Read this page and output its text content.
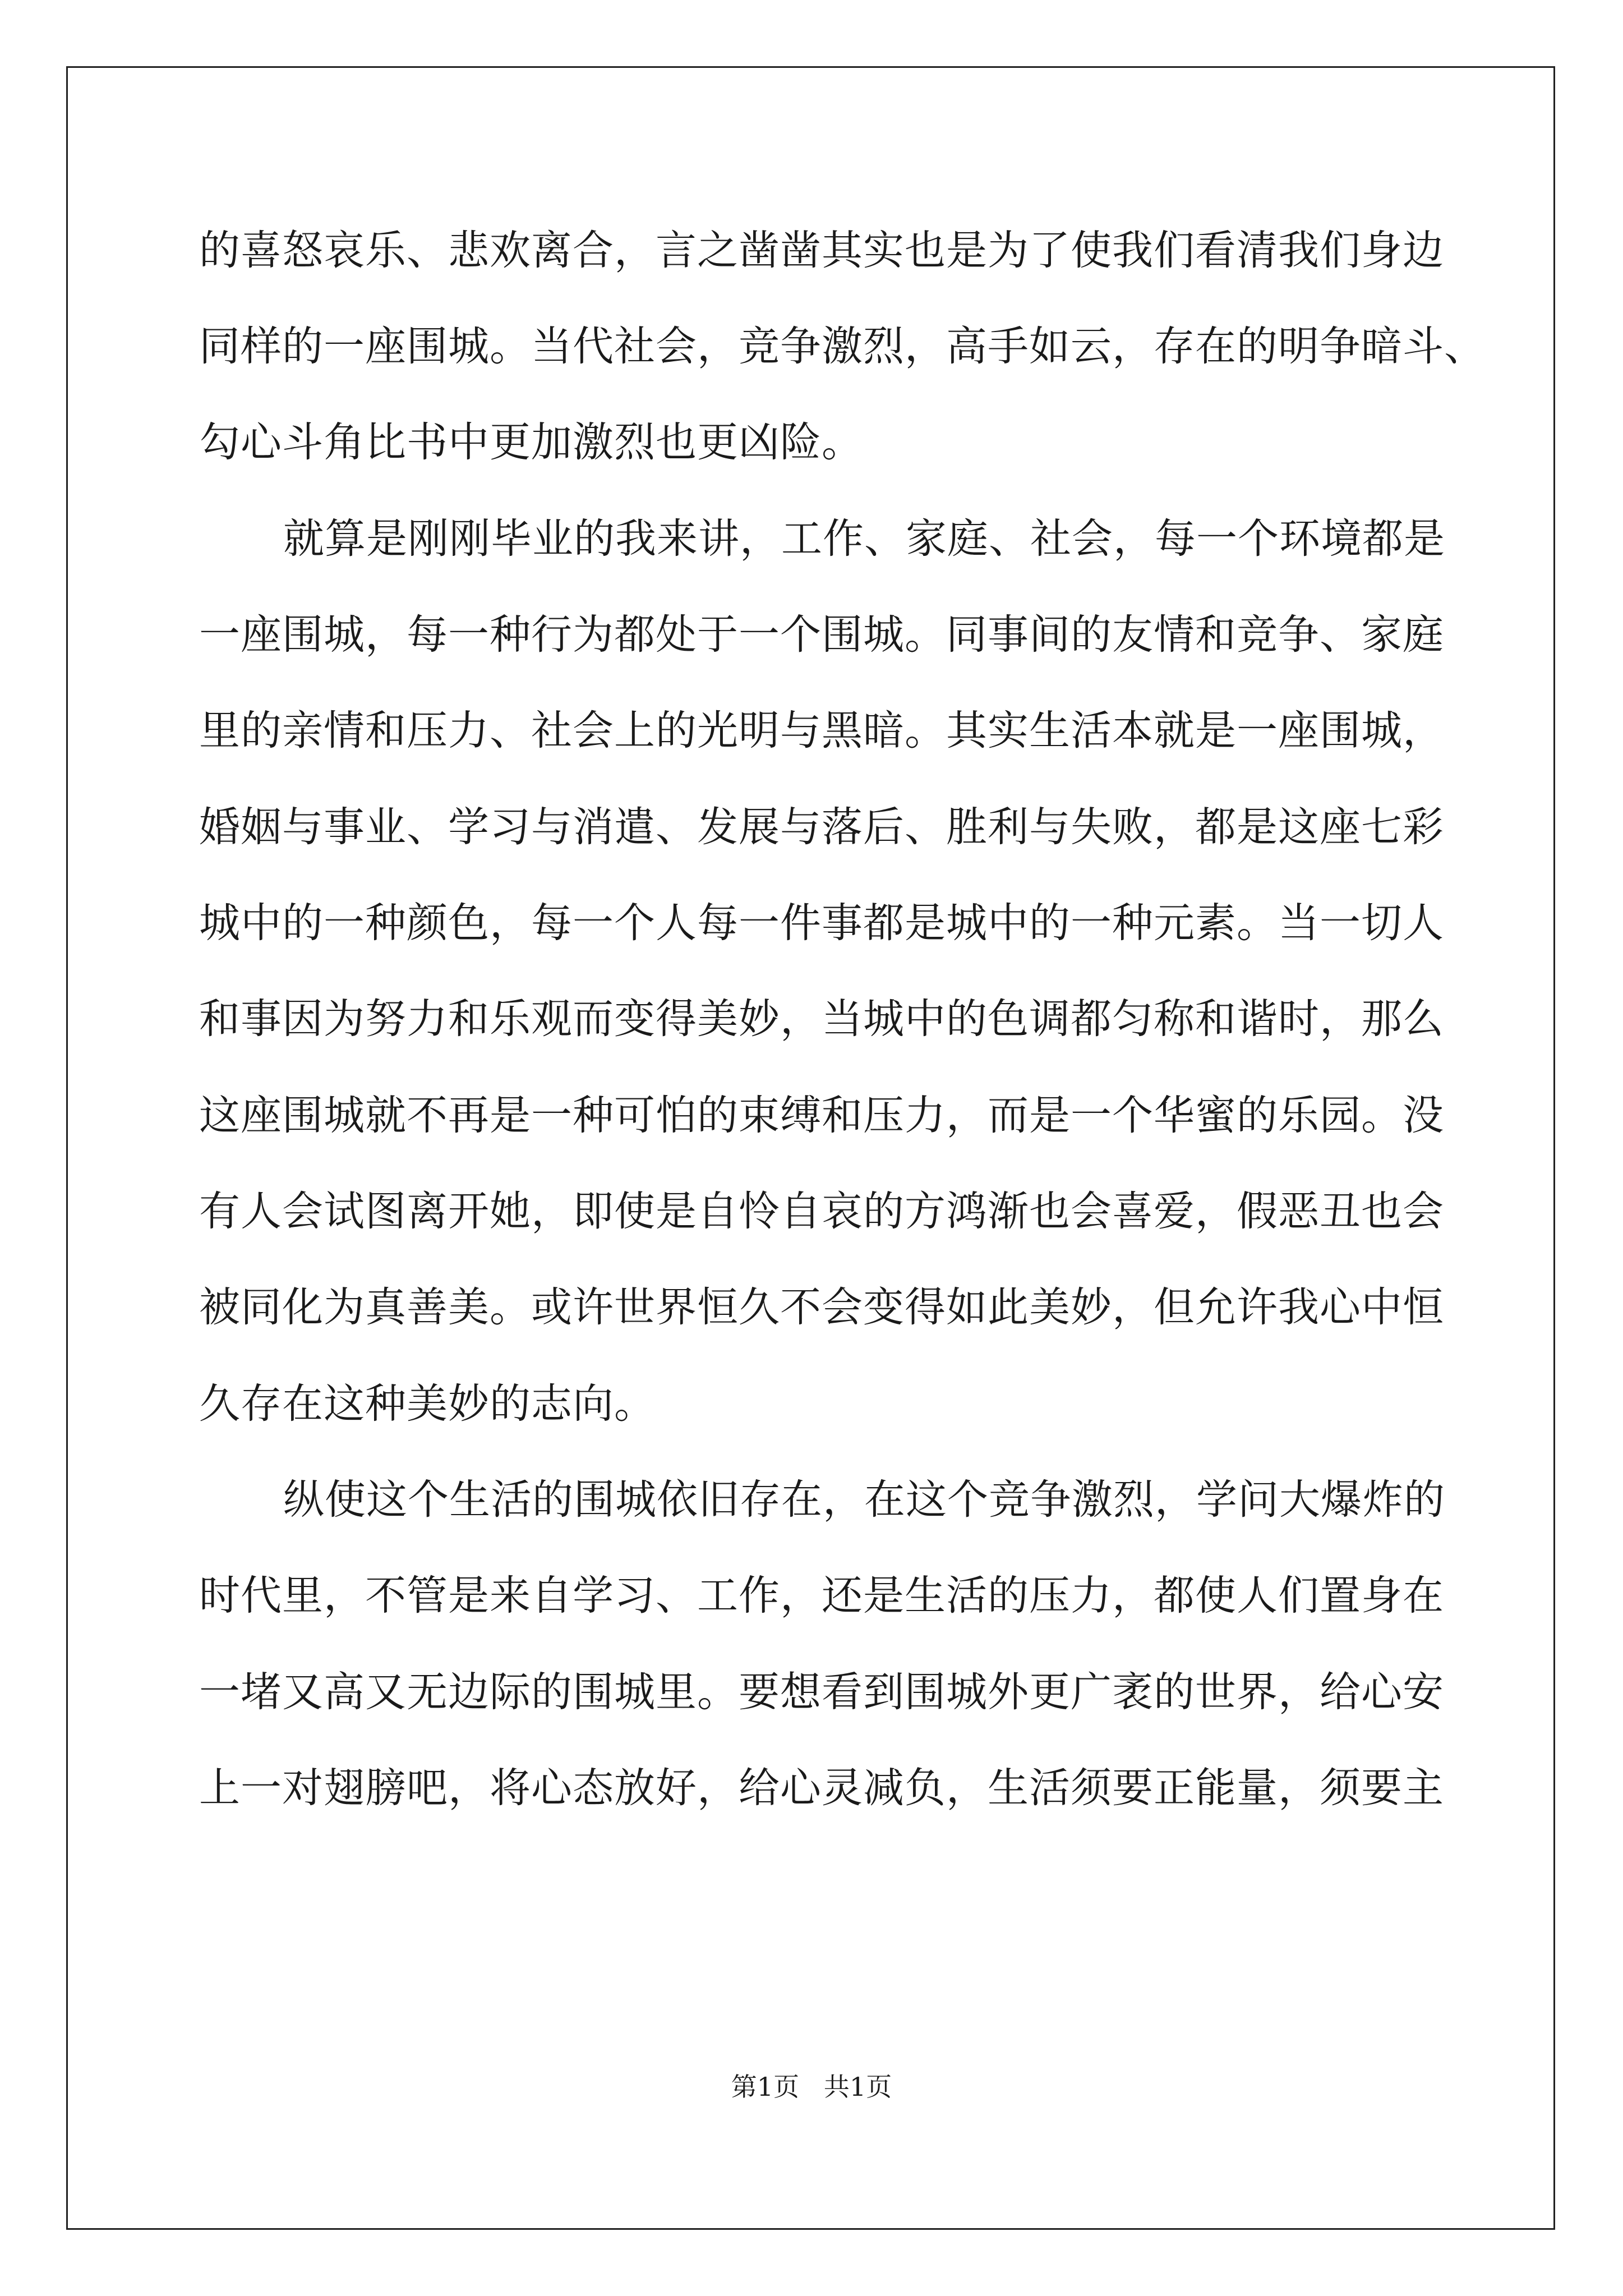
的喜怒哀乐、悲欢离合，言之凿凿其实也是为了使我们看清我们身边
同样的一座围城。当代社会，竞争激烈，高手如云，存在的明争暗斗、
勾心斗角比书中更加激烈也更凶险。
就算是刚刚毕业的我来讲，工作、家庭、社会，每一个环境都是
一座围城，每一种行为都处于一个围城。同事间的友情和竞争、家庭
里的亲情和压力、社会上的光明与黑暗。其实生活本就是一座围城，
婚姻与事业、学习与消遣、发展与落后、胜利与失败，都是这座七彩
城中的一种颜色，每一个人每一件事都是城中的一种元素。当一切人
和事因为努力和乐观而变得美妙，当城中的色调都匀称和谐时，那么
这座围城就不再是一种可怕的束缚和压力，而是一个华蜜的乐园。没
有人会试图离开她，即使是自怜自哀的方鸿渐也会喜爱，假恶丑也会
被同化为真善美。或许世界恒久不会变得如此美妙，但允许我心中恒
久存在这种美妙的志向。
纵使这个生活的围城依旧存在，在这个竞争激烈，学问大爆炸的
时代里，不管是来自学习、工作，还是生活的压力，都使人们置身在
一堵又高又无边际的围城里。要想看到围城外更广袤的世界，给心安
上一对翅膀吧，将心态放好，给心灵减负，生活须要正能量，须要主
第1页   共1页
